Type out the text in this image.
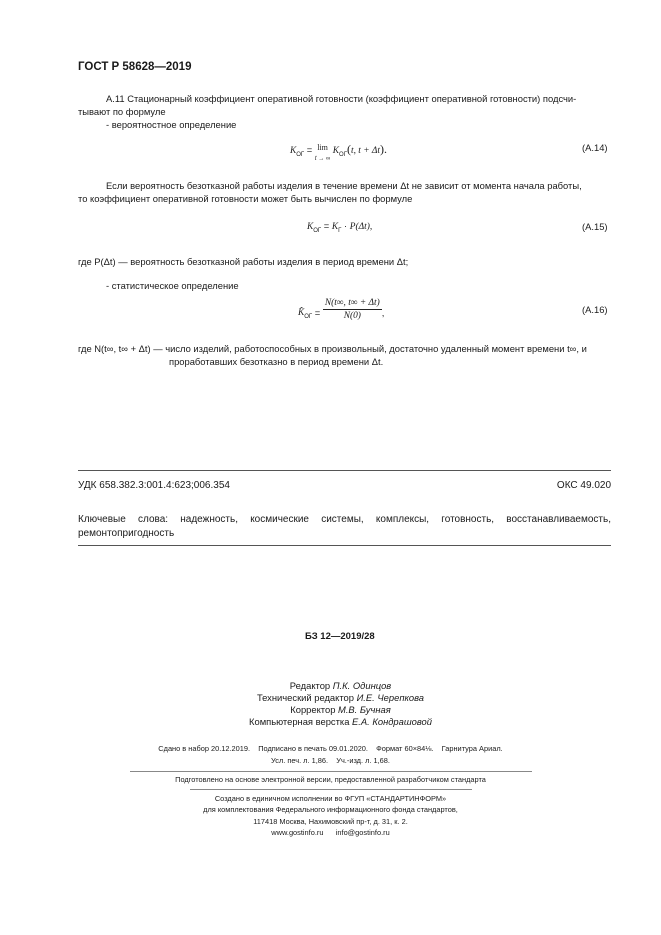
ГОСТ Р 58628—2019
А.11 Стационарный коэффициент оперативной готовности (коэффициент оперативной готовности) подсчи-
тывают по формуле
- вероятностное определение
$K_{ОГ} = \lim$
t → ∞ $K_{ОГ}(t$, t + Δt).	(А.14)
Если вероятность безотказной работы изделия в течение времени Δt не зависит от момента начала работы,
то коэффициент оперативной готовности может быть вычислен по формуле
$K_{ОГ} = K_Г \cdot P(\Delta t)$,	(А.15)
где P(Δt) — вероятность безотказной работы изделия в период времени Δt;
- статистическое определение
$K̂_{ОГ} = \frac{N(t\infty, t\infty + \Delta t)}{N(0)}$ ,	(А.16)
где N(t∞, t∞ + Δt) — число изделий, работоспособных в произвольный, достаточно удаленный момент времени t∞, и
проработавших безотказно в период времени Δt.
УДК 658.382.3:001.4:623;006.354	ОКС 49.020
Ключевые слова: надежность, космические системы, комплексы, готовность, восстанавливаемость,
ремонтопригодность
БЗ 12—2019/28
Редактор П.К. Одинцов
Технический редактор И.Е. Черепкова
Корректор М.В. Бучная
Компьютерная верстка Е.А. Кондрашовой
Сдано в набор 20.12.2019.    Подписано в печать 09.01.2020.    Формат 60×84⅛.    Гарнитура Ариал.
Усл. печ. л. 1,86.    Уч.-изд. л. 1,68.
Подготовлено на основе электронной версии, предоставленной разработчиком стандарта
Создано в единичном исполнении во ФГУП «СТАНДАРТИНФОРМ»
для комплектования Федерального информационного фонда стандартов,
117418 Москва, Нахимовский пр-т, д. 31, к. 2.
www.gostinfo.ru      info@gostinfo.ru
